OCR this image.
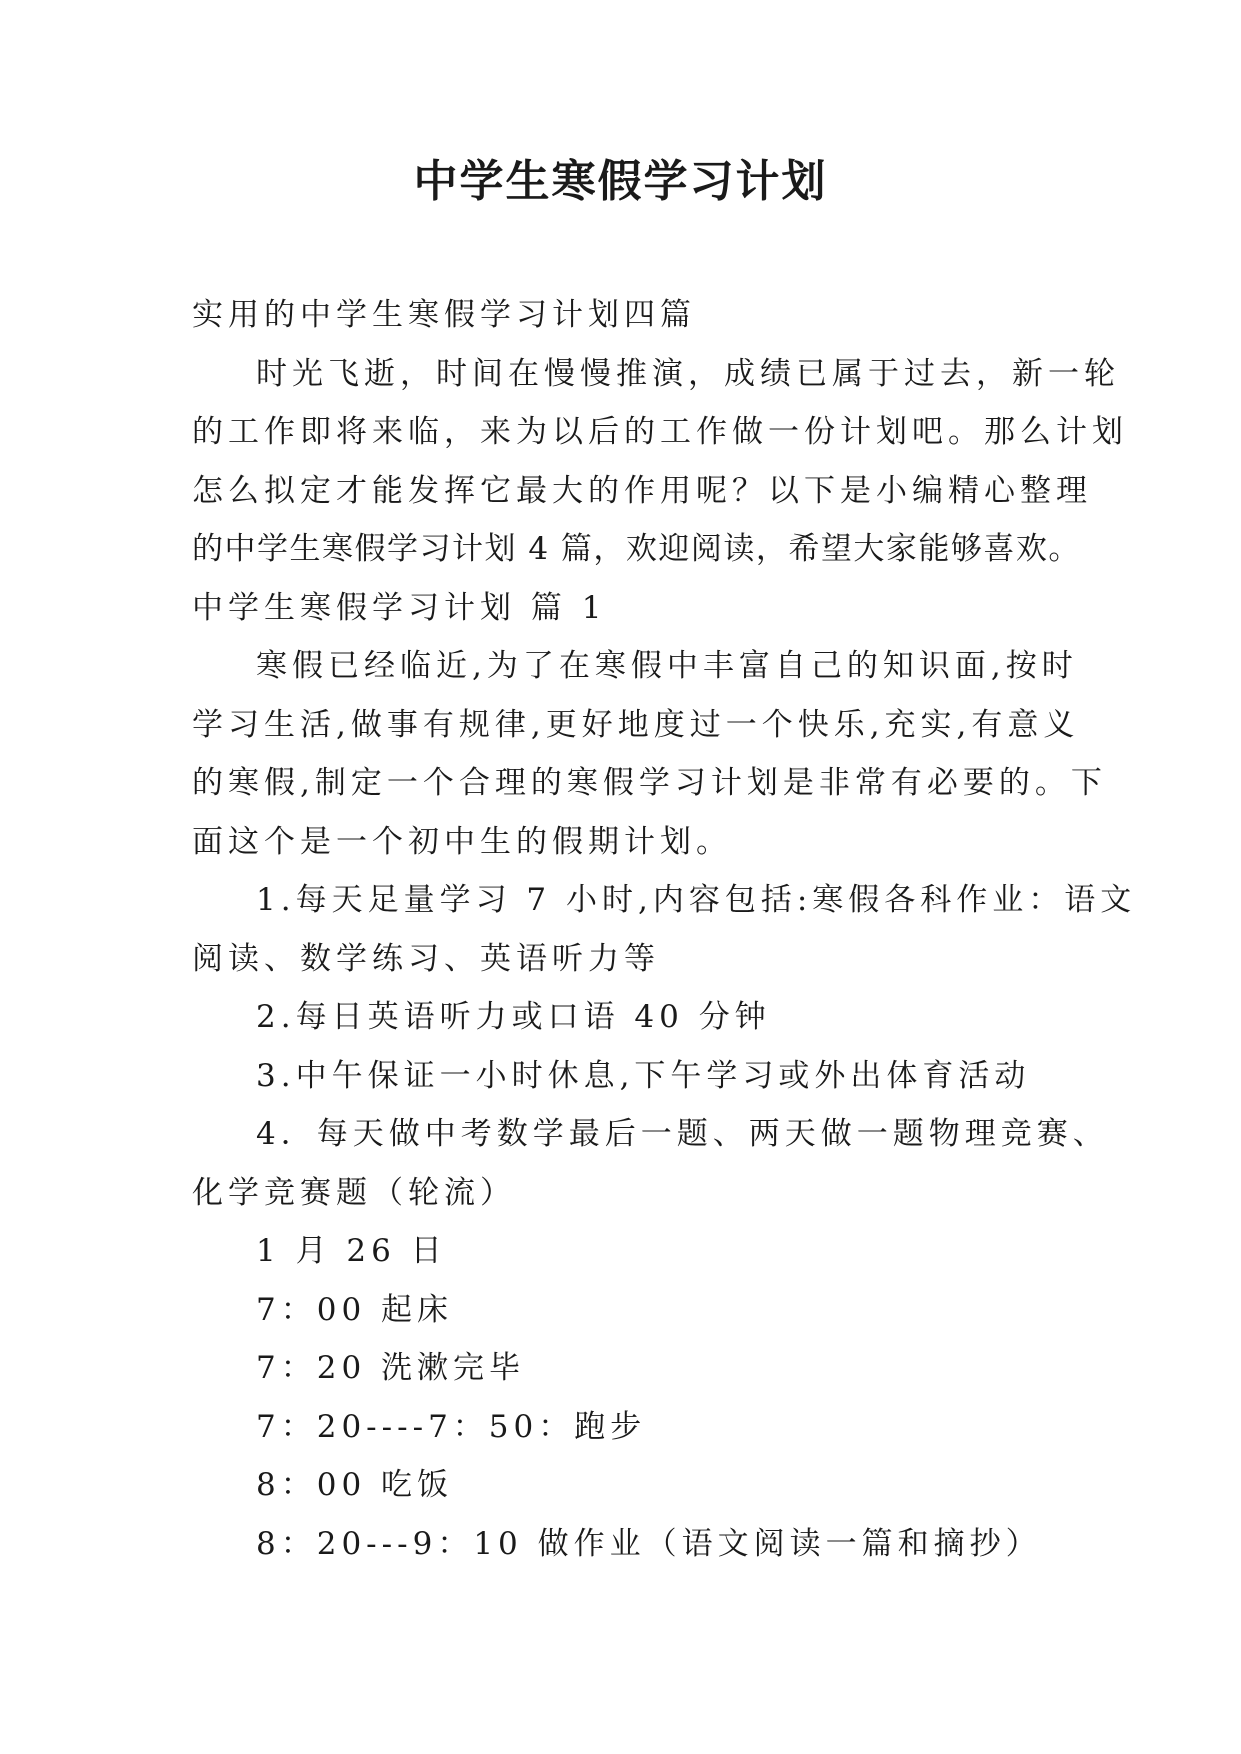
中学生寒假学习计划
实用的中学生寒假学习计划四篇
时光飞逝，时间在慢慢推演，成绩已属于过去，新一轮
的工作即将来临，来为以后的工作做一份计划吧。那么计划
怎么拟定才能发挥它最大的作用呢？以下是小编精心整理
的中学生寒假学习计划 4 篇，欢迎阅读，希望大家能够喜欢。
中学生寒假学习计划 篇 1
寒假已经临近,为了在寒假中丰富自己的知识面,按时
学习生活,做事有规律,更好地度过一个快乐,充实,有意义
的寒假,制定一个合理的寒假学习计划是非常有必要的。下
面这个是一个初中生的假期计划。
1.每天足量学习 7 小时,内容包括:寒假各科作业：语文
阅读、数学练习、英语听力等
2.每日英语听力或口语 40 分钟
3.中午保证一小时休息,下午学习或外出体育活动
4．每天做中考数学最后一题、两天做一题物理竞赛、
化学竞赛题（轮流）
1 月 26 日
7：00 起床
7：20 洗漱完毕
7：20----7：50：跑步
8：00 吃饭
8：20---9：10 做作业（语文阅读一篇和摘抄）
